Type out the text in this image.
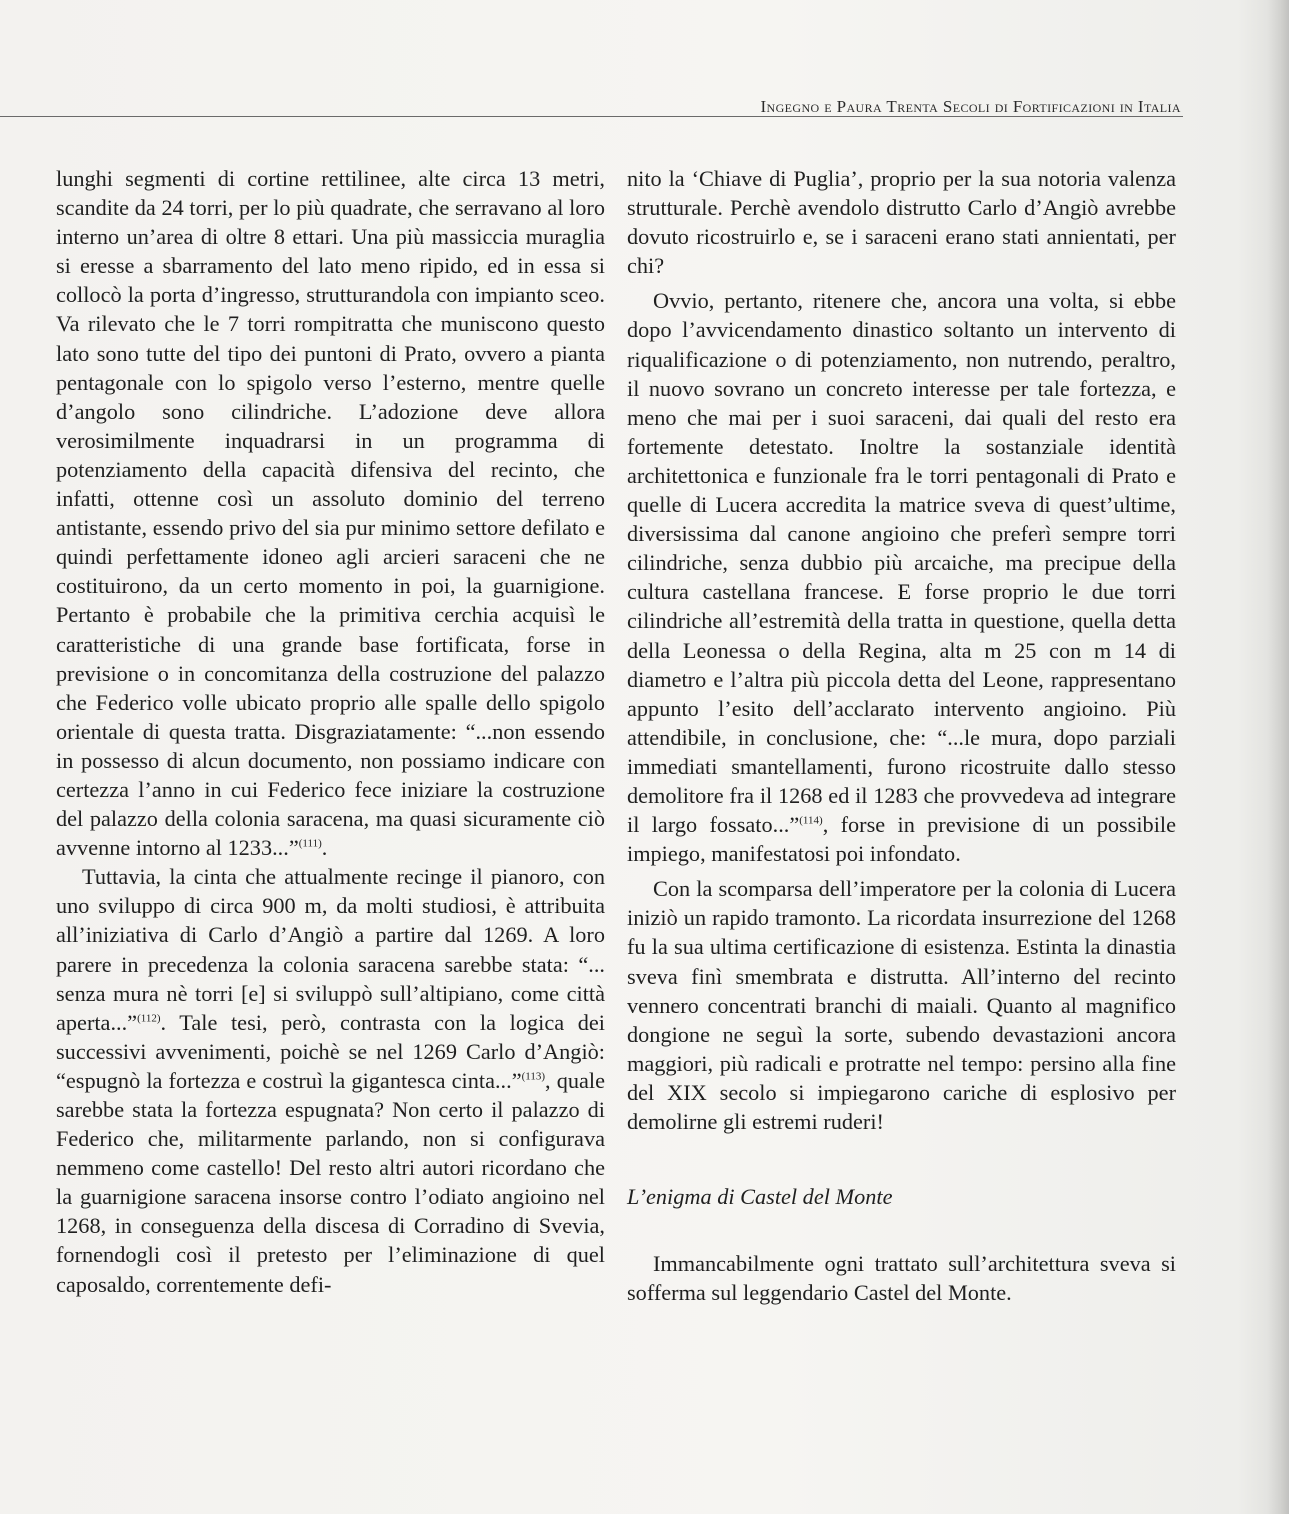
Ingegno e Paura Trenta Secoli di Fortificazioni in Italia

lunghi segmenti di cortine rettilinee, alte circa 13 metri, scandite da 24 torri, per lo più quadrate, che serravano al loro interno un’area di oltre 8 ettari. Una più massiccia muraglia si eresse a sbarramento del lato meno ripido, ed in essa si collocò la porta d’ingresso, strutturandola con impianto sceo. Va rilevato che le 7 torri rompitratta che muniscono questo lato sono tutte del tipo dei puntoni di Prato, ovvero a pianta pentagonale con lo spigolo verso l’esterno, mentre quelle d’angolo sono cilindriche. L’adozione deve allora verosimilmente inquadrarsi in un programma di potenziamento della capacità difensiva del recinto, che infatti, ottenne così un assoluto dominio del terreno antistante, essendo privo del sia pur minimo settore defilato e quindi perfettamente idoneo agli arcieri saraceni che ne costituirono, da un certo momento in poi, la guarnigione. Pertanto è probabile che la primitiva cerchia acquisì le caratteristiche di una grande base fortificata, forse in previsione o in concomitanza della costruzione del palazzo che Federico volle ubicato proprio alle spalle dello spigolo orientale di questa tratta. Disgraziatamente: “...non essendo in possesso di alcun documento, non possiamo indicare con certezza l’anno in cui Federico fece iniziare la costruzione del palazzo della colonia saracena, ma quasi sicuramente ciò avvenne intorno al 1233...”$^{(111)}$.

Tuttavia, la cinta che attualmente recinge il pianoro, con uno sviluppo di circa 900 m, da molti studiosi, è attribuita all’iniziativa di Carlo d’Angiò a partire dal 1269. A loro parere in precedenza la colonia saracena sarebbe stata: “... senza mura nè torri [e] si sviluppò sull’altipiano, come città aperta...”$^{(112)}$. Tale tesi, però, contrasta con la logica dei successivi avvenimenti, poichè se nel 1269 Carlo d’Angiò: “espugnò la fortezza e costruì la gigantesca cinta...”$^{(113)}$, quale sarebbe stata la fortezza espugnata? Non certo il palazzo di Federico che, militarmente parlando, non si configurava nemmeno come castello! Del resto altri autori ricordano che la guarnigione saracena insorse contro l’odiato angioino nel 1268, in conseguenza della discesa di Corradino di Svevia, fornendogli così il pretesto per l’eliminazione di quel caposaldo, correntemente defi-

nito la ‘Chiave di Puglia’, proprio per la sua notoria valenza strutturale. Perchè avendolo distrutto Carlo d’Angiò avrebbe dovuto ricostruirlo e, se i saraceni erano stati annientati, per chi?

Ovvio, pertanto, ritenere che, ancora una volta, si ebbe dopo l’avvicendamento dinastico soltanto un intervento di riqualificazione o di potenziamento, non nutrendo, peraltro, il nuovo sovrano un concreto interesse per tale fortezza, e meno che mai per i suoi saraceni, dai quali del resto era fortemente detestato. Inoltre la sostanziale identità architettonica e funzionale fra le torri pentagonali di Prato e quelle di Lucera accredita la matrice sveva di quest’ultime, diversissima dal canone angioino che preferì sempre torri cilindriche, senza dubbio più arcaiche, ma precipue della cultura castellana francese. E forse proprio le due torri cilindriche all’estremità della tratta in questione, quella detta della Leonessa o della Regina, alta m 25 con m 14 di diametro e l’altra più piccola detta del Leone, rappresentano appunto l’esito dell’acclarato intervento angioino. Più attendibile, in conclusione, che: “...le mura, dopo parziali immediati smantellamenti, furono ricostruite dallo stesso demolitore fra il 1268 ed il 1283 che provvedeva ad integrare il largo fossato...”$^{(114)}$, forse in previsione di un possibile impiego, manifestatosi poi infondato.

Con la scomparsa dell’imperatore per la colonia di Lucera iniziò un rapido tramonto. La ricordata insurrezione del 1268 fu la sua ultima certificazione di esistenza. Estinta la dinastia sveva finì smembrata e distrutta. All’interno del recinto vennero concentrati branchi di maiali. Quanto al magnifico dongione ne seguì la sorte, subendo devastazioni ancora maggiori, più radicali e protratte nel tempo: persino alla fine del XIX secolo si impiegarono cariche di esplosivo per demolirne gli estremi ruderi!

L’enigma di Castel del Monte

Immancabilmente ogni trattato sull’architettura sveva si sofferma sul leggendario Castel del Monte.
